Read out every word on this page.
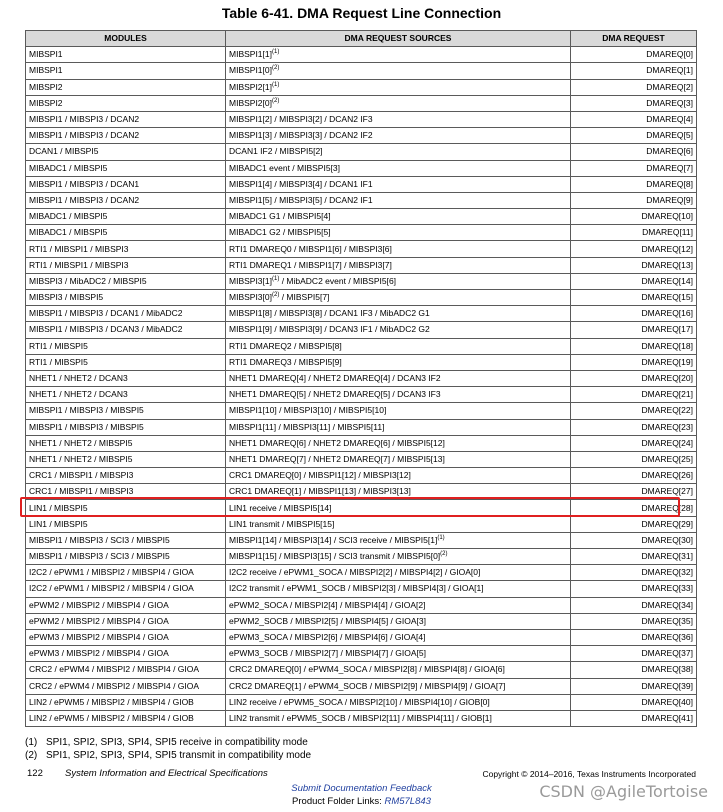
Table 6-41. DMA Request Line Connection
MODULES	DMA REQUEST SOURCES	DMA REQUEST
MIBSPI1	$MIBSPI1[1]^{(1)}$	DMAREQ[0]
MIBSPI1	$MIBSPI1[0]^{(2)}$	DMAREQ[1]
MIBSPI2	$MIBSPI2[1]^{(1)}$	DMAREQ[2]
MIBSPI2	$MIBSPI2[0]^{(2)}$	DMAREQ[3]
MIBSPI1 / MIBSPI3 / DCAN2	MIBSPI1[2] / MIBSPI3[2] / DCAN2 IF3	DMAREQ[4]
MIBSPI1 / MIBSPI3 / DCAN2	MIBSPI1[3] / MIBSPI3[3] / DCAN2 IF2	DMAREQ[5]
DCAN1 / MIBSPI5	DCAN1 IF2 / MIBSPI5[2]	DMAREQ[6]
MIBADC1 / MIBSPI5	MIBADC1 event / MIBSPI5[3]	DMAREQ[7]
MIBSPI1 / MIBSPI3 / DCAN1	MIBSPI1[4] / MIBSPI3[4] / DCAN1 IF1	DMAREQ[8]
MIBSPI1 / MIBSPI3 / DCAN2	MIBSPI1[5] / MIBSPI3[5] / DCAN2 IF1	DMAREQ[9]
MIBADC1 / MIBSPI5	MIBADC1 G1 / MIBSPI5[4]	DMAREQ[10]
MIBADC1 / MIBSPI5	MIBADC1 G2 / MIBSPI5[5]	DMAREQ[11]
RTI1 / MIBSPI1 / MIBSPI3	RTI1 DMAREQ0 / MIBSPI1[6] / MIBSPI3[6]	DMAREQ[12]
RTI1 / MIBSPI1 / MIBSPI3	RTI1 DMAREQ1 / MIBSPI1[7] / MIBSPI3[7]	DMAREQ[13]
MIBSPI3 / MibADC2 / MIBSPI5	$MIBSPI3[1]^{(1)}$ / MibADC2 event / MIBSPI5[6]	DMAREQ[14]
MIBSPI3 / MIBSPI5	$MIBSPI3[0]^{(2)}$ / MIBSPI5[7]	DMAREQ[15]
MIBSPI1 / MIBSPI3 / DCAN1 / MibADC2	MIBSPI1[8] / MIBSPI3[8] / DCAN1 IF3 / MibADC2 G1	DMAREQ[16]
MIBSPI1 / MIBSPI3 / DCAN3 / MibADC2	MIBSPI1[9] / MIBSPI3[9] / DCAN3 IF1 / MibADC2 G2	DMAREQ[17]
RTI1 / MIBSPI5	RTI1 DMAREQ2 / MIBSPI5[8]	DMAREQ[18]
RTI1 / MIBSPI5	RTI1 DMAREQ3 / MIBSPI5[9]	DMAREQ[19]
NHET1 / NHET2 / DCAN3	NHET1 DMAREQ[4] / NHET2 DMAREQ[4] / DCAN3 IF2	DMAREQ[20]
NHET1 / NHET2 / DCAN3	NHET1 DMAREQ[5] / NHET2 DMAREQ[5] / DCAN3 IF3	DMAREQ[21]
MIBSPI1 / MIBSPI3 / MIBSPI5	MIBSPI1[10] / MIBSPI3[10] / MIBSPI5[10]	DMAREQ[22]
MIBSPI1 / MIBSPI3 / MIBSPI5	MIBSPI1[11] / MIBSPI3[11] / MIBSPI5[11]	DMAREQ[23]
NHET1 / NHET2 / MIBSPI5	NHET1 DMAREQ[6] / NHET2 DMAREQ[6] / MIBSPI5[12]	DMAREQ[24]
NHET1 / NHET2 / MIBSPI5	NHET1 DMAREQ[7] / NHET2 DMAREQ[7] / MIBSPI5[13]	DMAREQ[25]
CRC1 / MIBSPI1 / MIBSPI3	CRC1 DMAREQ[0] / MIBSPI1[12] / MIBSPI3[12]	DMAREQ[26]
CRC1 / MIBSPI1 / MIBSPI3	CRC1 DMAREQ[1] / MIBSPI1[13] / MIBSPI3[13]	DMAREQ[27]
LIN1 / MIBSPI5	LIN1 receive / MIBSPI5[14]	DMAREQ[28]
LIN1 / MIBSPI5	LIN1 transmit / MIBSPI5[15]	DMAREQ[29]
MIBSPI1 / MIBSPI3 / SCI3 / MIBSPI5	MIBSPI1[14] / MIBSPI3[14] / SCI3 receive / $MIBSPI5[1]^{(1)}$	DMAREQ[30]
MIBSPI1 / MIBSPI3 / SCI3 / MIBSPI5	MIBSPI1[15] / MIBSPI3[15] / SCI3 transmit / $MIBSPI5[0]^{(2)}$	DMAREQ[31]
I2C2 / ePWM1 / MIBSPI2 / MIBSPI4 / GIOA	I2C2 receive / ePWM1_SOCA / MIBSPI2[2] / MIBSPI4[2] / GIOA[0]	DMAREQ[32]
I2C2 / ePWM1 / MIBSPI2 / MIBSPI4 / GIOA	I2C2 transmit / ePWM1_SOCB / MIBSPI2[3] / MIBSPI4[3] / GIOA[1]	DMAREQ[33]
ePWM2 / MIBSPI2 / MIBSPI4 / GIOA	ePWM2_SOCA / MIBSPI2[4] / MIBSPI4[4] / GIOA[2]	DMAREQ[34]
ePWM2 / MIBSPI2 / MIBSPI4 / GIOA	ePWM2_SOCB / MIBSPI2[5] / MIBSPI4[5] / GIOA[3]	DMAREQ[35]
ePWM3 / MIBSPI2 / MIBSPI4 / GIOA	ePWM3_SOCA / MIBSPI2[6] / MIBSPI4[6] / GIOA[4]	DMAREQ[36]
ePWM3 / MIBSPI2 / MIBSPI4 / GIOA	ePWM3_SOCB / MIBSPI2[7] / MIBSPI4[7] / GIOA[5]	DMAREQ[37]
CRC2 / ePWM4 / MIBSPI2 / MIBSPI4 / GIOA	CRC2 DMAREQ[0] / ePWM4_SOCA / MIBSPI2[8] / MIBSPI4[8] / GIOA[6]	DMAREQ[38]
CRC2 / ePWM4 / MIBSPI2 / MIBSPI4 / GIOA	CRC2 DMAREQ[1] / ePWM4_SOCB / MIBSPI2[9] / MIBSPI4[9] / GIOA[7]	DMAREQ[39]
LIN2 / ePWM5 / MIBSPI2 / MIBSPI4 / GIOB	LIN2 receive / ePWM5_SOCA / MIBSPI2[10] / MIBSPI4[10] / GIOB[0]	DMAREQ[40]
LIN2 / ePWM5 / MIBSPI2 / MIBSPI4 / GIOB	LIN2 transmit / ePWM5_SOCB / MIBSPI2[11] / MIBSPI4[11] / GIOB[1]	DMAREQ[41]
(1) SPI1, SPI2, SPI3, SPI4, SPI5 receive in compatibility mode
(2) SPI1, SPI2, SPI3, SPI4, SPI5 transmit in compatibility mode
122 System Information and Electrical Specifications	Copyright © 2014–2016, Texas Instruments Incorporated
Submit Documentation Feedback
Product Folder Links: RM57L843
CSDN @AgileTortoise
